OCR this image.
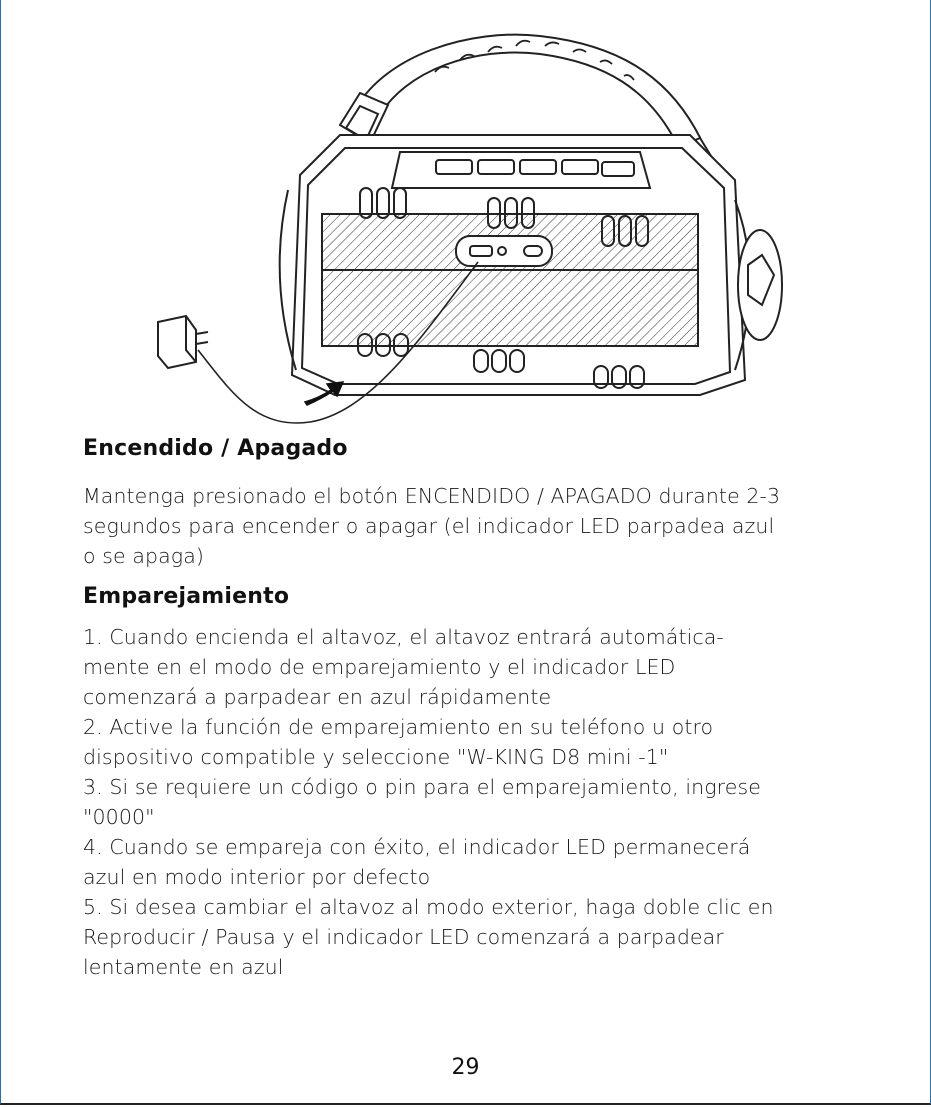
Encendido / Apagado
Mantenga presionado el botón ENCENDIDO / APAGADO durante 2-3
segundos para encender o apagar (el indicador LED parpadea azul
o se apaga)
Emparejamiento
1. Cuando encienda el altavoz, el altavoz entrará automática-
mente en el modo de emparejamiento y el indicador LED
comenzará a parpadear en azul rápidamente
2. Active la función de emparejamiento en su teléfono u otro
dispositivo compatible y seleccione "W-KING D8 mini -1"
3. Si se requiere un código o pin para el emparejamiento, ingrese
"0000"
4. Cuando se empareja con éxito, el indicador LED permanecerá
azul en modo interior por defecto
5. Si desea cambiar el altavoz al modo exterior, haga doble clic en
Reproducir / Pausa y el indicador LED comenzará a parpadear
lentamente en azul
29
